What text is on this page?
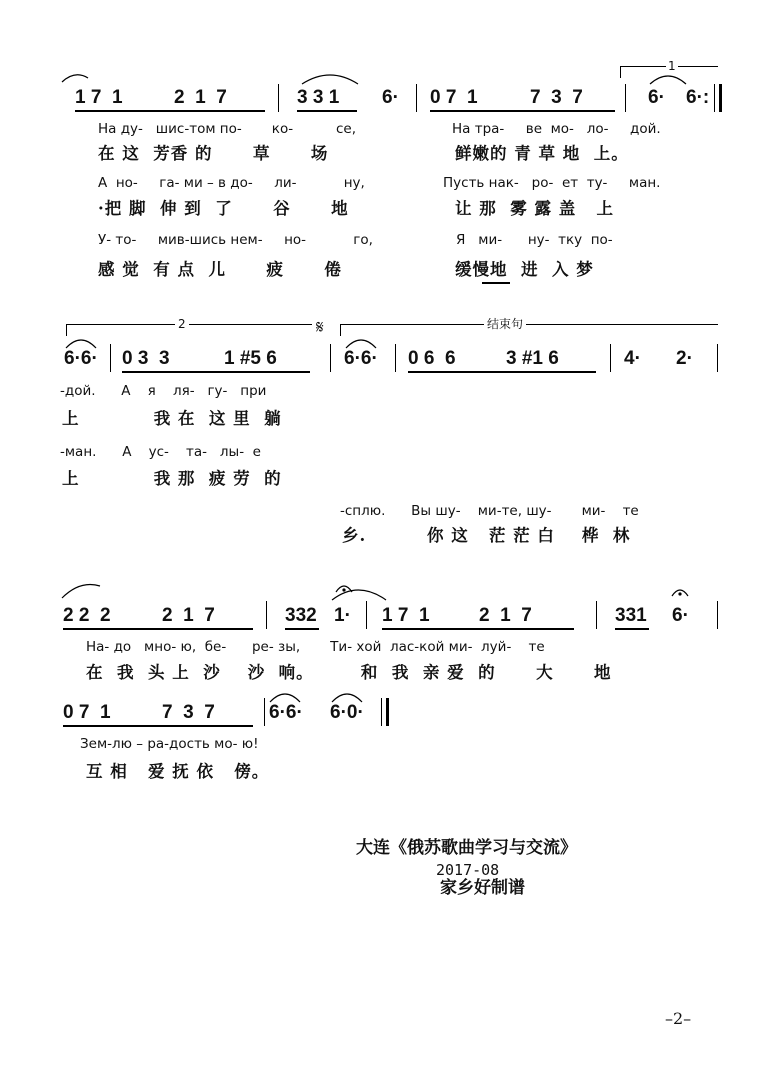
1 7  1	2  1  7	3 3 1 6· 0 7  1	7  3  7	6· 6·:
1
На ду-   шис-том по-       ко-          се,
在 这  芳香 的      草      场
А  но-     га- ми – в до-     ли-           ну,
·把 脚  伸 到  了      谷      地
У- то-     мив-шись нем-     но-           го,
感 觉  有 点  儿      疲      倦
На тра-     ве  мо-   ло-     дой.
鲜嫩的 青 草 地  上。
Пусть нак-   ро-  ет  ту-     ман.
让 那  雾 露 盖   上
Я   ми-      ну-  тку  по-
缓慢地  进  入 梦
2	𝄋	结束句
6·6· 0 3  3	1 #5 6	6·6· 0 6  6	3 #1 6	4· 2·
-дой.      А    я    ля-   гу-   при
上           我 在  这 里  躺
-ман.      А    ус-    та-   лы-  е
上           我 那  疲 劳  的
-сплю.      Вы шу-    ми-те, шу-       ми-    те
乡.         你 这   茫 茫 白    桦  林
2 2  2	2  1  7	332 1· 1 7  1	2  1  7	331 6·
На- до   мно- ю,  бе-      ре- зы,       Ти- хой  лас-кой ми-  луй-    те
在  我  头 上  沙    沙  响。       和  我  亲 爱  的      大      地
0 7  1	7  3  7	6·6· 6·0·
Зем-лю – ра-дость мо- ю!
互 相   爱 抚 依   傍。
大连《俄苏歌曲学习与交流》
2017-08
家乡好制谱
–2–
